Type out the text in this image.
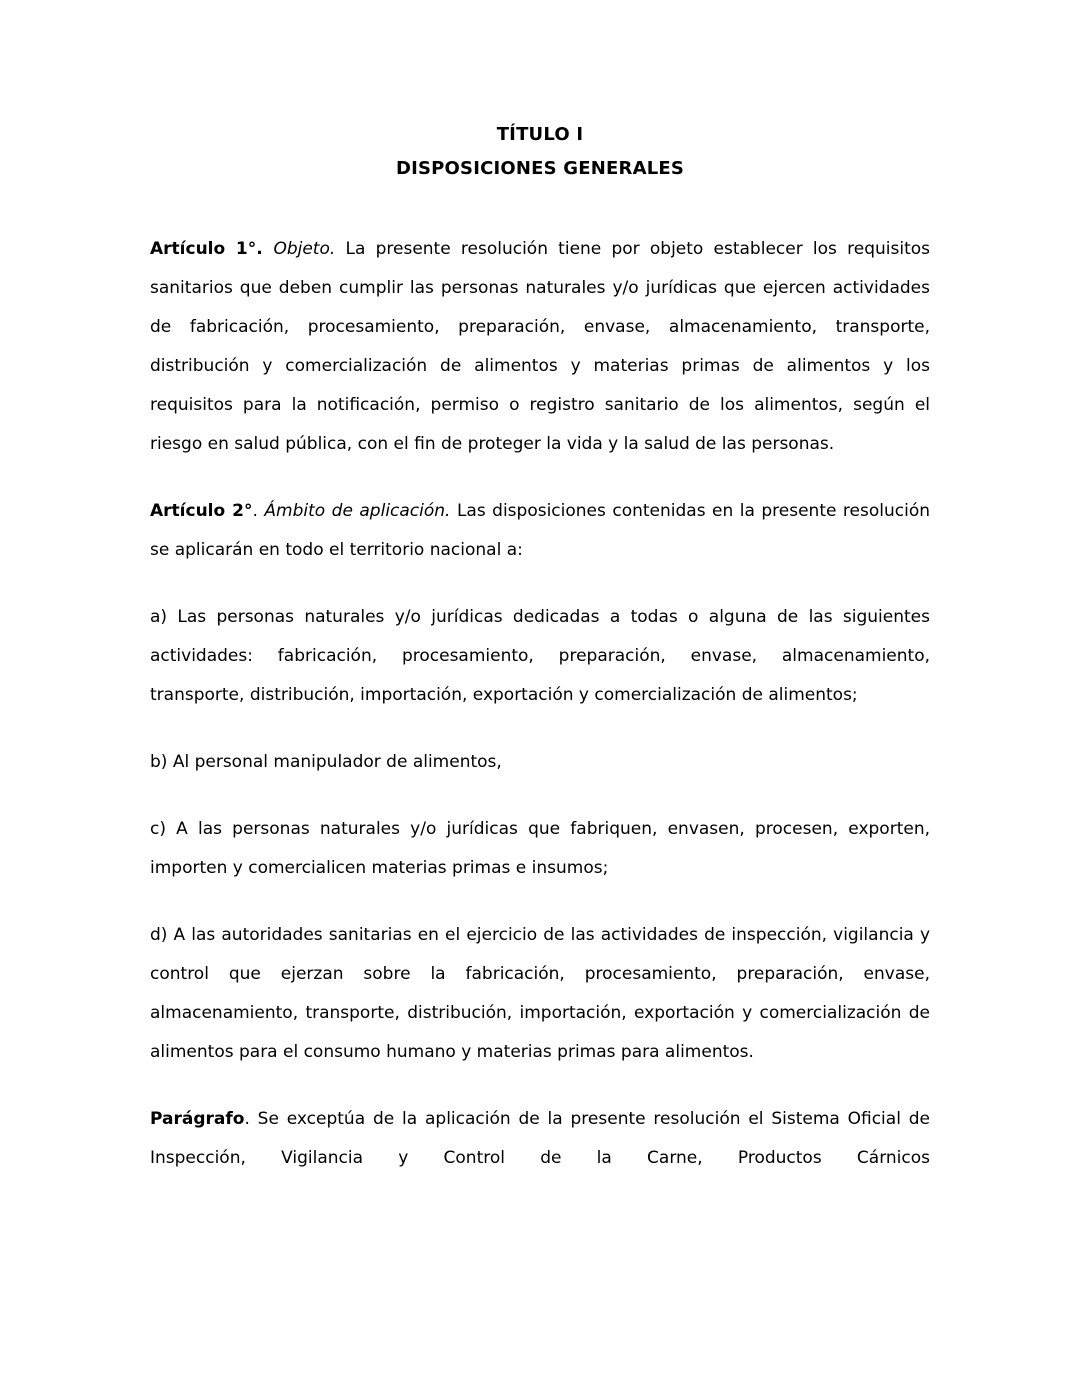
TÍTULO I
DISPOSICIONES GENERALES

Artículo 1°. Objeto. La presente resolución tiene por objeto establecer los requisitos sanitarios que deben cumplir las personas naturales y/o jurídicas que ejercen actividades de fabricación, procesamiento, preparación, envase, almacenamiento, transporte, distribución y comercialización de alimentos y materias primas de alimentos y los requisitos para la notificación, permiso o registro sanitario de los alimentos, según el riesgo en salud pública, con el fin de proteger la vida y la salud de las personas.

Artículo 2°. Ámbito de aplicación. Las disposiciones contenidas en la presente resolución se aplicarán en todo el territorio nacional a:

a) Las personas naturales y/o jurídicas dedicadas a todas o alguna de las siguientes actividades: fabricación, procesamiento, preparación, envase, almacenamiento, transporte, distribución, importación, exportación y comercialización de alimentos;

b) Al personal manipulador de alimentos,

c) A las personas naturales y/o jurídicas que fabriquen, envasen, procesen, exporten, importen y comercialicen materias primas e insumos;

d) A las autoridades sanitarias en el ejercicio de las actividades de inspección, vigilancia y control que ejerzan sobre la fabricación, procesamiento, preparación, envase, almacenamiento, transporte, distribución, importación, exportación y comercialización de alimentos para el consumo humano y materias primas para alimentos.

Parágrafo. Se exceptúa de la aplicación de la presente resolución el Sistema Oficial de Inspección, Vigilancia y Control de la Carne, Productos Cárnicos
